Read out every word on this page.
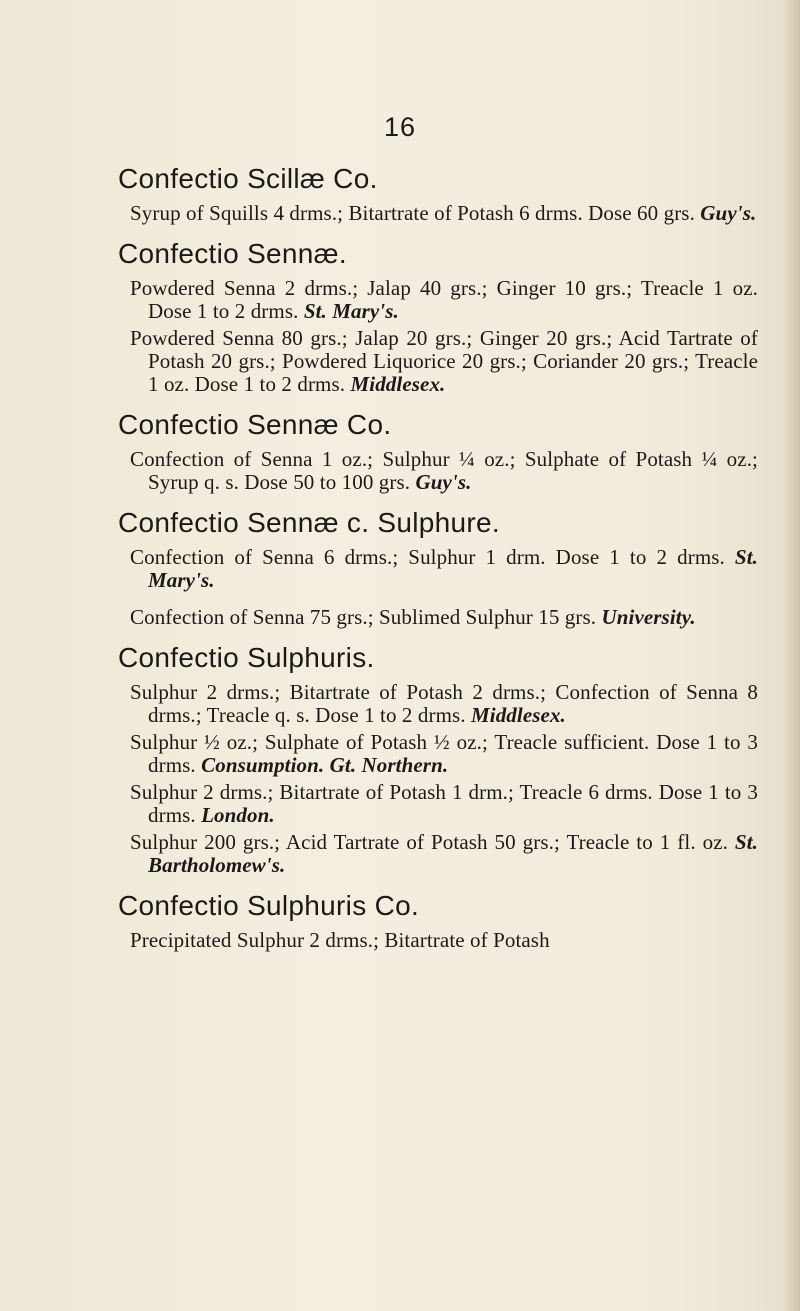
16
Confectio Scillæ Co.

Syrup of Squills 4 drms.; Bitartrate of Potash 6 drms. Dose 60 grs. Guy's.

Confectio Sennæ.

Powdered Senna 2 drms.; Jalap 40 grs.; Ginger 10 grs.; Treacle 1 oz. Dose 1 to 2 drms. St. Mary's.

Powdered Senna 80 grs.; Jalap 20 grs.; Ginger 20 grs.; Acid Tartrate of Potash 20 grs.; Powdered Liquorice 20 grs.; Coriander 20 grs.; Treacle 1 oz. Dose 1 to 2 drms. Middlesex.

Confectio Sennæ Co.

Confection of Senna 1 oz.; Sulphur ¼ oz.; Sulphate of Potash ¼ oz.; Syrup q. s. Dose 50 to 100 grs. Guy's.

Confectio Sennæ c. Sulphure.

Confection of Senna 6 drms.; Sulphur 1 drm. Dose 1 to 2 drms. St. Mary's.

Confection of Senna 75 grs.; Sublimed Sulphur 15 grs. University.

Confectio Sulphuris.

Sulphur 2 drms.; Bitartrate of Potash 2 drms.; Confection of Senna 8 drms.; Treacle q. s. Dose 1 to 2 drms. Middlesex.

Sulphur ½ oz.; Sulphate of Potash ½ oz.; Treacle sufficient. Dose 1 to 3 drms. Consumption. Gt. Northern.

Sulphur 2 drms.; Bitartrate of Potash 1 drm.; Treacle 6 drms. Dose 1 to 3 drms. London.

Sulphur 200 grs.; Acid Tartrate of Potash 50 grs.; Treacle to 1 fl. oz. St. Bartholomew's.

Confectio Sulphuris Co.

Precipitated Sulphur 2 drms.; Bitartrate of Potash
